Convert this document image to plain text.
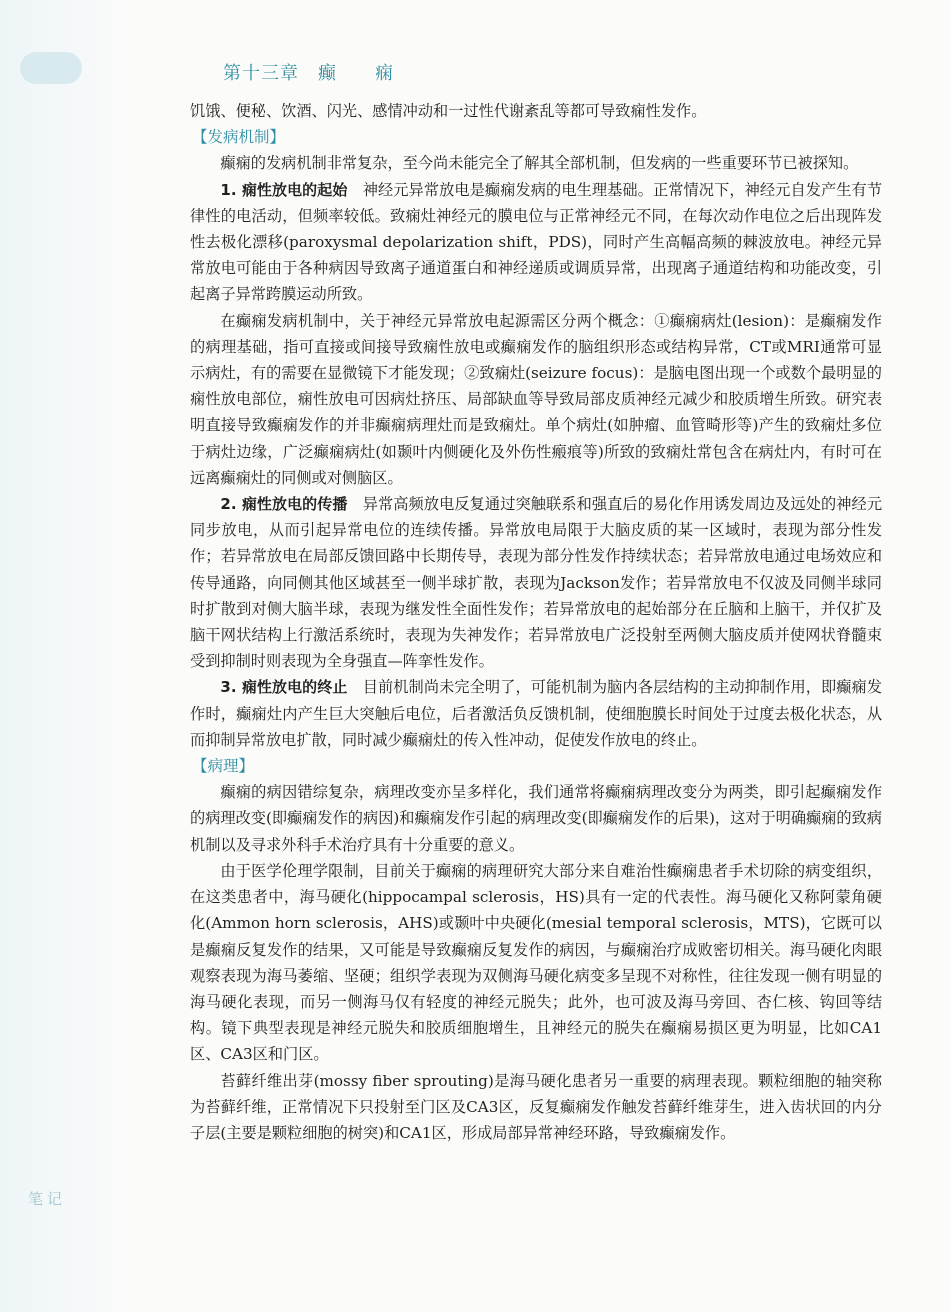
第十三章　癫　　痫
笔记

饥饿、便秘、饮酒、闪光、感情冲动和一过性代谢紊乱等都可导致痫性发作。

【发病机制】

癫痫的发病机制非常复杂，至今尚未能完全了解其全部机制，但发病的一些重要环节已被探知。

1. 痫性放电的起始　 神经元异常放电是癫痫发病的电生理基础。正常情况下，神经元自发产生有节律性的电活动，但频率较低。致痫灶神经元的膜电位与正常神经元不同，在每次动作电位之后出现阵发性去极化漂移(paroxysmal depolarization shift，PDS)，同时产生高幅高频的棘波放电。神经元异常放电可能由于各种病因导致离子通道蛋白和神经递质或调质异常，出现离子通道结构和功能改变，引起离子异常跨膜运动所致。

在癫痫发病机制中，关于神经元异常放电起源需区分两个概念：①癫痫病灶(lesion)：是癫痫发作的病理基础，指可直接或间接导致痫性放电或癫痫发作的脑组织形态或结构异常，CT或MRI通常可显示病灶，有的需要在显微镜下才能发现；②致痫灶(seizure focus)：是脑电图出现一个或数个最明显的痫性放电部位，痫性放电可因病灶挤压、局部缺血等导致局部皮质神经元减少和胶质增生所致。研究表明直接导致癫痫发作的并非癫痫病理灶而是致痫灶。单个病灶(如肿瘤、血管畸形等)产生的致痫灶多位于病灶边缘，广泛癫痫病灶(如颞叶内侧硬化及外伤性瘢痕等)所致的致痫灶常包含在病灶内，有时可在远离癫痫灶的同侧或对侧脑区。

2. 痫性放电的传播　 异常高频放电反复通过突触联系和强直后的易化作用诱发周边及远处的神经元同步放电，从而引起异常电位的连续传播。异常放电局限于大脑皮质的某一区域时，表现为部分性发作；若异常放电在局部反馈回路中长期传导，表现为部分性发作持续状态；若异常放电通过电场效应和传导通路，向同侧其他区域甚至一侧半球扩散，表现为Jackson发作；若异常放电不仅波及同侧半球同时扩散到对侧大脑半球，表现为继发性全面性发作；若异常放电的起始部分在丘脑和上脑干，并仅扩及脑干网状结构上行激活系统时，表现为失神发作；若异常放电广泛投射至两侧大脑皮质并使网状脊髓束受到抑制时则表现为全身强直—阵挛性发作。

3. 痫性放电的终止　 目前机制尚未完全明了，可能机制为脑内各层结构的主动抑制作用，即癫痫发作时，癫痫灶内产生巨大突触后电位，后者激活负反馈机制，使细胞膜长时间处于过度去极化状态，从而抑制异常放电扩散，同时减少癫痫灶的传入性冲动，促使发作放电的终止。

【病理】

癫痫的病因错综复杂，病理改变亦呈多样化，我们通常将癫痫病理改变分为两类，即引起癫痫发作的病理改变(即癫痫发作的病因)和癫痫发作引起的病理改变(即癫痫发作的后果)，这对于明确癫痫的致病机制以及寻求外科手术治疗具有十分重要的意义。

由于医学伦理学限制，目前关于癫痫的病理研究大部分来自难治性癫痫患者手术切除的病变组织，在这类患者中，海马硬化(hippocampal sclerosis，HS)具有一定的代表性。海马硬化又称阿蒙角硬化(Ammon horn sclerosis，AHS)或颞叶中央硬化(mesial temporal sclerosis，MTS)，它既可以是癫痫反复发作的结果，又可能是导致癫痫反复发作的病因，与癫痫治疗成败密切相关。海马硬化肉眼观察表现为海马萎缩、坚硬；组织学表现为双侧海马硬化病变多呈现不对称性，往往发现一侧有明显的海马硬化表现，而另一侧海马仅有轻度的神经元脱失；此外，也可波及海马旁回、杏仁核、钩回等结构。镜下典型表现是神经元脱失和胶质细胞增生，且神经元的脱失在癫痫易损区更为明显，比如CA1区、CA3区和门区。

苔藓纤维出芽(mossy fiber sprouting)是海马硬化患者另一重要的病理表现。颗粒细胞的轴突称为苔藓纤维，正常情况下只投射至门区及CA3区，反复癫痫发作触发苔藓纤维芽生，进入齿状回的内分子层(主要是颗粒细胞的树突)和CA1区，形成局部异常神经环路，导致癫痫发作。
